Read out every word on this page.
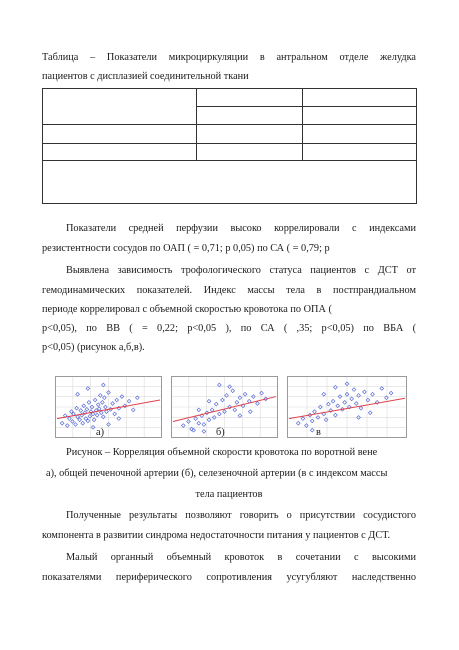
Таблица – Показатели микроциркуляции в антральном отделе желудка
пациентов с дисплазией соединительной ткани

Показатели средней перфузии высоко коррелировали с индексами
резистентности сосудов по ОАП ( = 0,71; р 0,05) по СА ( = 0,79; р
Выявлена зависимость трофологического статуса пациентов с ДСТ от
гемодинамических показателей. Индекс массы тела в постпрандиальном
периоде коррелировал с объемной скоростью кровотока по ОПА (
р<0,05), по ВВ ( = 0,22; р<0,05 ), по СА ( ,35; р<0,05) по ВБА (
р<0,05) (рисунок а,б,в).
а)	б)	в
Рисунок – Корреляция объемной скорости кровотока по воротной вене
а), общей печеночной артерии (б), селезеночной артерии (в с индексом массы
тела пациентов
Полученные результаты позволяют говорить о присутствии сосудистого
компонента в развитии синдрома недостаточности питания у пациентов с ДСТ.
Малый органный объемный кровоток в сочетании с высокими
показателями периферического сопротивления усугубляют наследственно
